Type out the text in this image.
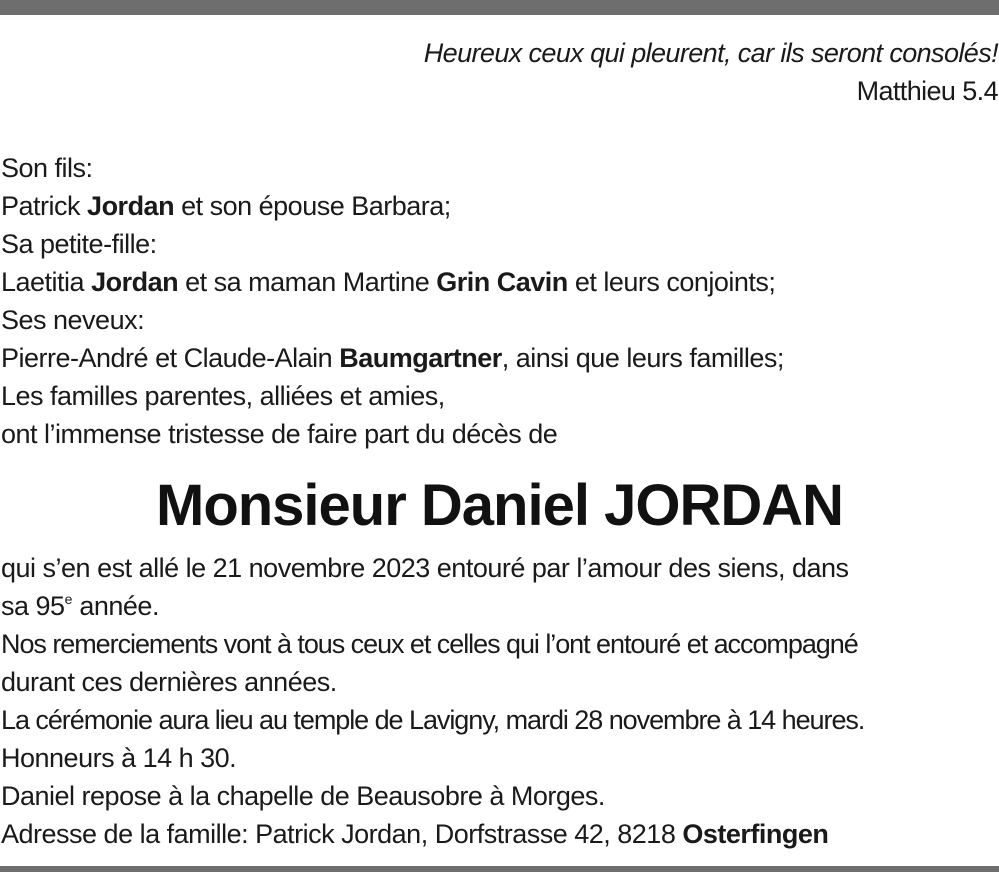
Heureux ceux qui pleurent, car ils seront consolés!
Matthieu 5.4
Son fils:
Patrick Jordan et son épouse Barbara;
Sa petite-fille:
Laetitia Jordan et sa maman Martine Grin Cavin et leurs conjoints;
Ses neveux:
Pierre-André et Claude-Alain Baumgartner, ainsi que leurs familles;
Les familles parentes, alliées et amies,
ont l’immense tristesse de faire part du décès de
Monsieur Daniel JORDAN
qui s’en est allé le 21 novembre 2023 entouré par l’amour des siens, dans
sa 95e année.
Nos remerciements vont à tous ceux et celles qui l’ont entouré et accompagné
durant ces dernières années.
La cérémonie aura lieu au temple de Lavigny, mardi 28 novembre à 14 heures.
Honneurs à 14 h 30.
Daniel repose à la chapelle de Beausobre à Morges.
Adresse de la famille: Patrick Jordan, Dorfstrasse 42, 8218 Osterfingen
